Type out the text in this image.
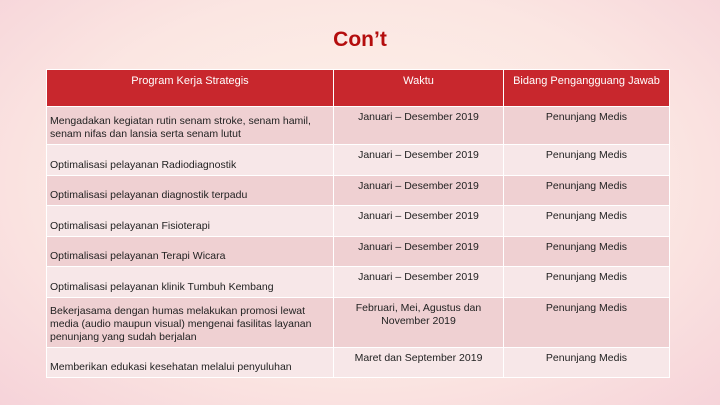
Con’t
Program Kerja Strategis	Waktu	Bidang Pengangguang Jawab
Mengadakan kegiatan rutin senam stroke, senam hamil, senam nifas dan lansia serta senam lutut	Januari – Desember 2019	Penunjang Medis
Optimalisasi pelayanan Radiodiagnostik	Januari – Desember 2019	Penunjang Medis
Optimalisasi pelayanan diagnostik terpadu	Januari – Desember 2019	Penunjang Medis
Optimalisasi pelayanan Fisioterapi	Januari – Desember 2019	Penunjang Medis
Optimalisasi pelayanan Terapi Wicara	Januari – Desember 2019	Penunjang Medis
Optimalisasi pelayanan klinik Tumbuh Kembang	Januari – Desember 2019	Penunjang Medis
Bekerjasama dengan humas melakukan promosi lewat media (audio maupun visual) mengenai fasilitas layanan penunjang yang sudah berjalan	Februari, Mei, Agustus dan November 2019	Penunjang Medis
Memberikan edukasi kesehatan melalui penyuluhan	Maret dan September 2019	Penunjang Medis
